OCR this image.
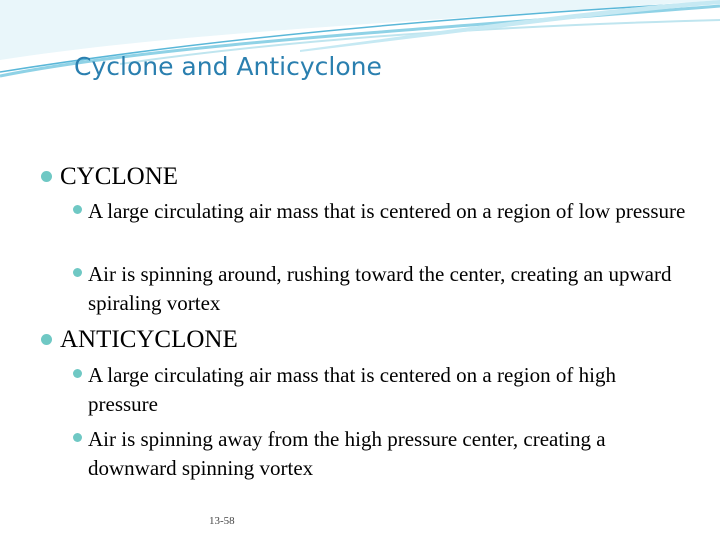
Cyclone and Anticyclone
CYCLONE
A large circulating air mass that is centered on a region of low pressure
Air is spinning around, rushing toward the center, creating an upward spiraling vortex
ANTICYCLONE
A large circulating air mass that is centered on a region of high pressure
Air is spinning away from the high pressure center, creating a downward spinning vortex
13-58
